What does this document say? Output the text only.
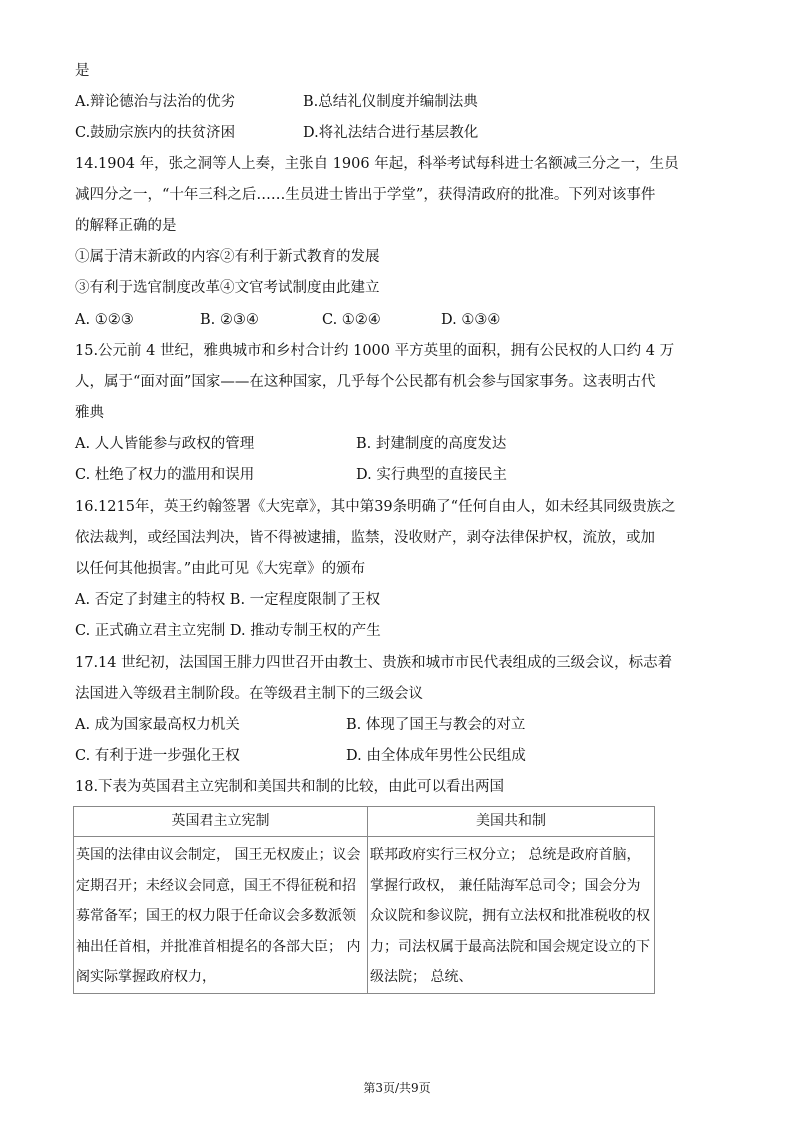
是
A.辩论德治与法治的优劣	B.总结礼仪制度并编制法典
C.鼓励宗族内的扶贫济困	D.将礼法结合进行基层教化
14.1904 年，张之洞等人上奏，主张自 1906 年起，科举考试每科进士名额减三分之一，生员
减四分之一，“十年三科之后……生员进士皆出于学堂”，获得清政府的批准。下列对该事件
的解释正确的是
①属于清末新政的内容②有利于新式教育的发展
③有利于选官制度改革④文官考试制度由此建立
A. ①②③	B. ②③④	C. ①②④	D. ①③④
15.公元前 4 世纪，雅典城市和乡村合计约 1000 平方英里的面积，拥有公民权的人口约 4 万
人，属于“面对面”国家——在这种国家，几乎每个公民都有机会参与国家事务。这表明古代
雅典
A. 人人皆能参与政权的管理	B. 封建制度的高度发达
C. 杜绝了权力的滥用和误用	D. 实行典型的直接民主
16.1215年，英王约翰签署《大宪章》，其中第39条明确了“任何自由人，如未经其同级贵族之
依法裁判，或经国法判决，皆不得被逮捕，监禁，没收财产，剥夺法律保护权，流放，或加
以任何其他损害。”由此可见《大宪章》的颁布
A. 否定了封建主的特权 B. 一定程度限制了王权
C. 正式确立君主立宪制 D. 推动专制王权的产生
17.14 世纪初，法国国王腓力四世召开由教士、贵族和城市市民代表组成的三级会议，标志着
法国进入等级君主制阶段。在等级君主制下的三级会议
A. 成为国家最高权力机关	B. 体现了国王与教会的对立
C. 有利于进一步强化王权	D. 由全体成年男性公民组成
18.下表为英国君主立宪制和美国共和制的比较，由此可以看出两国
英国君主立宪制	美国共和制
英国的法律由议会制定， 国王无权废止；议会定期召开；未经议会同意，国王不得征税和招募常备军；国王的权力限于任命议会多数派领袖出任首相，并批准首相提名的各部大臣； 内阁实际掌握政府权力，	联邦政府实行三权分立； 总统是政府首脑， 掌握行政权， 兼任陆海军总司令；国会分为众议院和参议院，拥有立法权和批准税收的权力；司法权属于最高法院和国会规定设立的下级法院； 总统、
第3页/共9页
